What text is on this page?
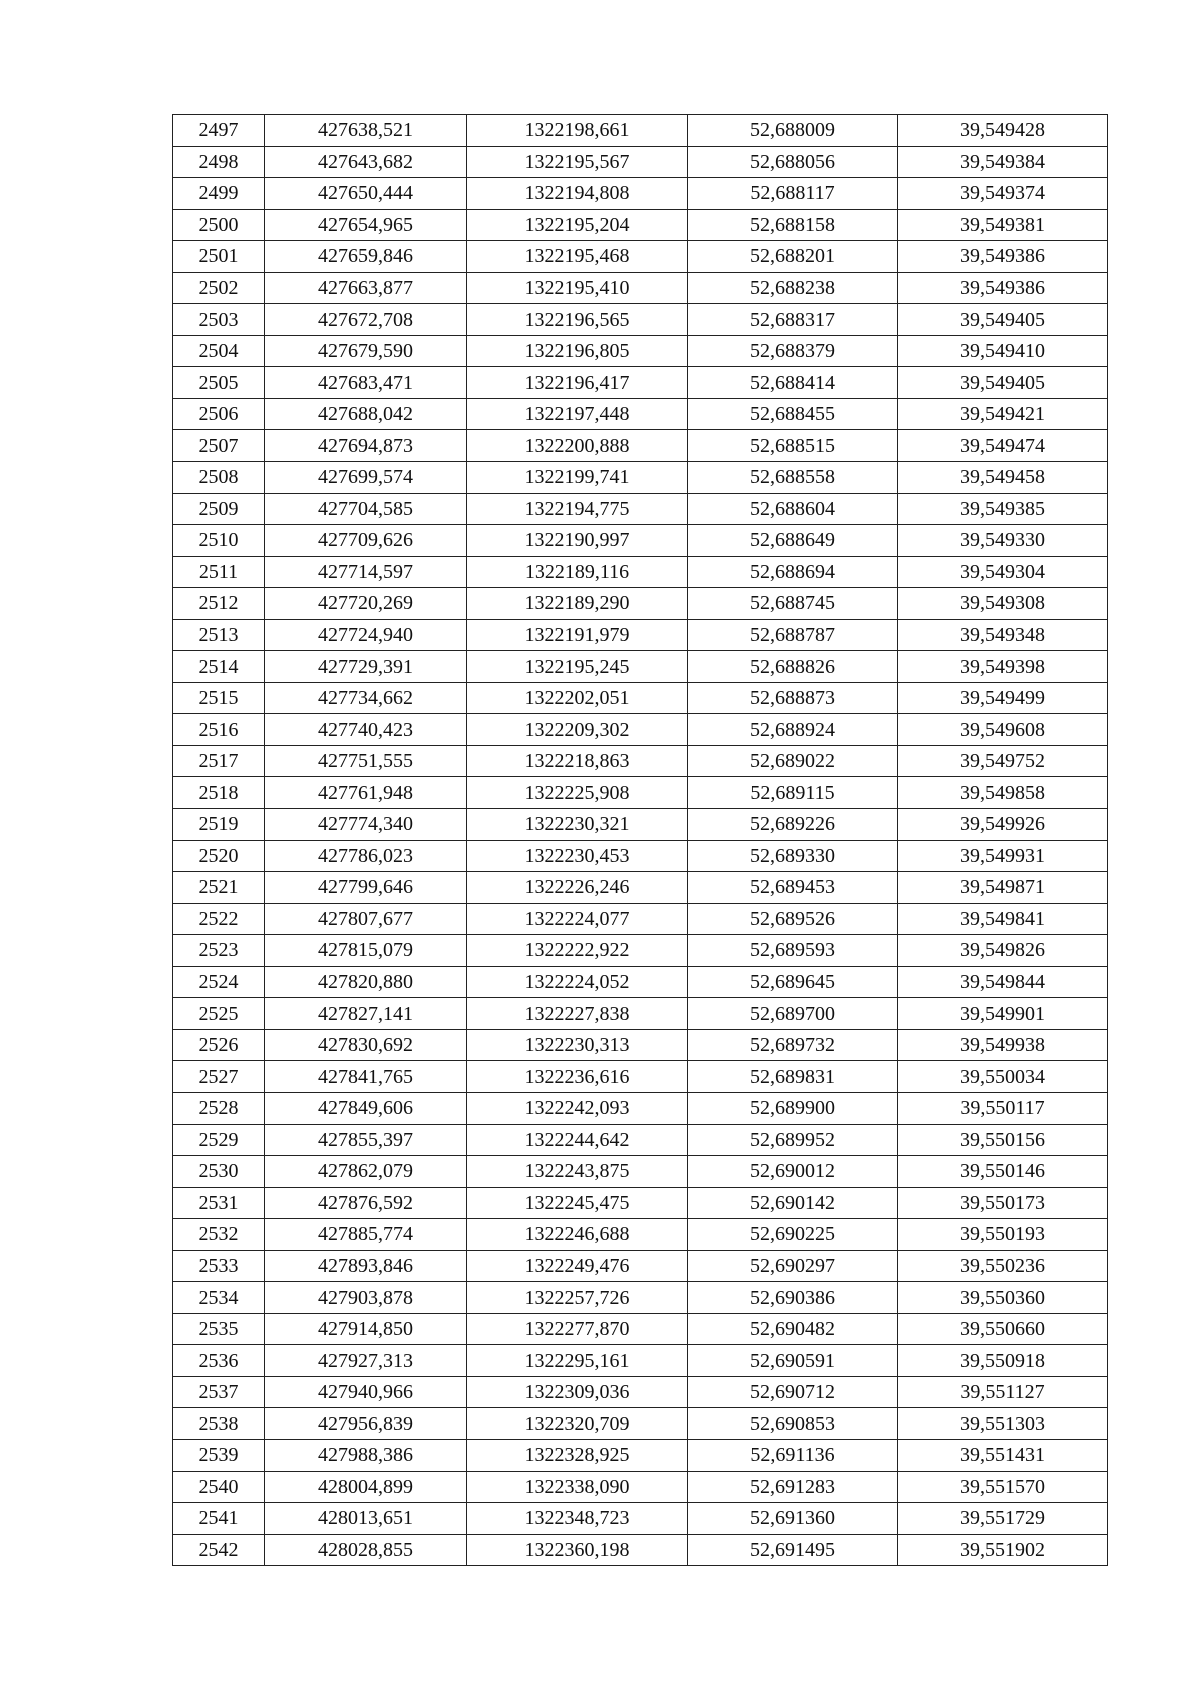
2497	427638,521	1322198,661	52,688009	39,549428
2498	427643,682	1322195,567	52,688056	39,549384
2499	427650,444	1322194,808	52,688117	39,549374
2500	427654,965	1322195,204	52,688158	39,549381
2501	427659,846	1322195,468	52,688201	39,549386
2502	427663,877	1322195,410	52,688238	39,549386
2503	427672,708	1322196,565	52,688317	39,549405
2504	427679,590	1322196,805	52,688379	39,549410
2505	427683,471	1322196,417	52,688414	39,549405
2506	427688,042	1322197,448	52,688455	39,549421
2507	427694,873	1322200,888	52,688515	39,549474
2508	427699,574	1322199,741	52,688558	39,549458
2509	427704,585	1322194,775	52,688604	39,549385
2510	427709,626	1322190,997	52,688649	39,549330
2511	427714,597	1322189,116	52,688694	39,549304
2512	427720,269	1322189,290	52,688745	39,549308
2513	427724,940	1322191,979	52,688787	39,549348
2514	427729,391	1322195,245	52,688826	39,549398
2515	427734,662	1322202,051	52,688873	39,549499
2516	427740,423	1322209,302	52,688924	39,549608
2517	427751,555	1322218,863	52,689022	39,549752
2518	427761,948	1322225,908	52,689115	39,549858
2519	427774,340	1322230,321	52,689226	39,549926
2520	427786,023	1322230,453	52,689330	39,549931
2521	427799,646	1322226,246	52,689453	39,549871
2522	427807,677	1322224,077	52,689526	39,549841
2523	427815,079	1322222,922	52,689593	39,549826
2524	427820,880	1322224,052	52,689645	39,549844
2525	427827,141	1322227,838	52,689700	39,549901
2526	427830,692	1322230,313	52,689732	39,549938
2527	427841,765	1322236,616	52,689831	39,550034
2528	427849,606	1322242,093	52,689900	39,550117
2529	427855,397	1322244,642	52,689952	39,550156
2530	427862,079	1322243,875	52,690012	39,550146
2531	427876,592	1322245,475	52,690142	39,550173
2532	427885,774	1322246,688	52,690225	39,550193
2533	427893,846	1322249,476	52,690297	39,550236
2534	427903,878	1322257,726	52,690386	39,550360
2535	427914,850	1322277,870	52,690482	39,550660
2536	427927,313	1322295,161	52,690591	39,550918
2537	427940,966	1322309,036	52,690712	39,551127
2538	427956,839	1322320,709	52,690853	39,551303
2539	427988,386	1322328,925	52,691136	39,551431
2540	428004,899	1322338,090	52,691283	39,551570
2541	428013,651	1322348,723	52,691360	39,551729
2542	428028,855	1322360,198	52,691495	39,551902
